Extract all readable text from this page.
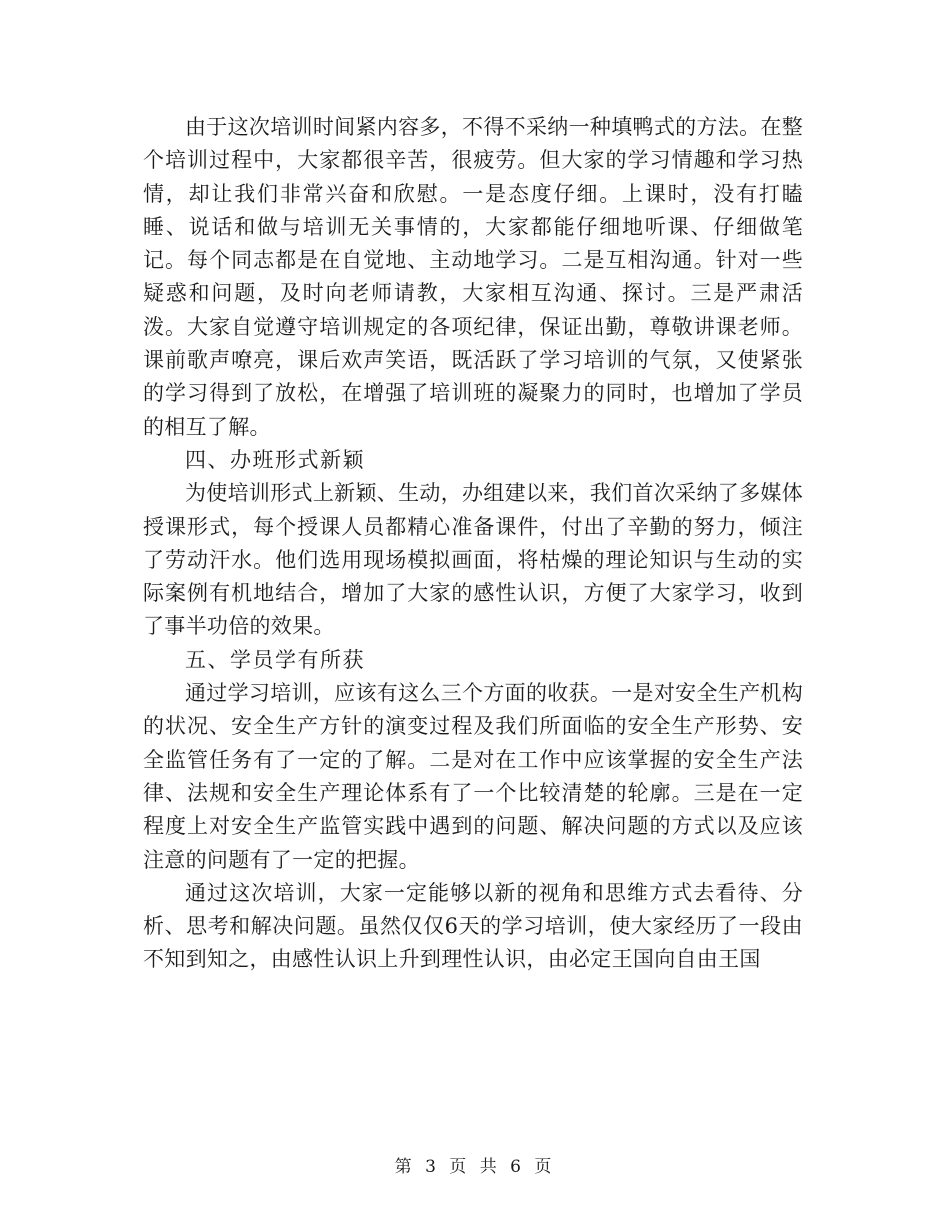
由于这次培训时间紧内容多，不得不采纳一种填鸭式的方法。在整个培训过程中，大家都很辛苦，很疲劳。但大家的学习情趣和学习热情，却让我们非常兴奋和欣慰。一是态度仔细。上课时，没有打瞌睡、说话和做与培训无关事情的，大家都能仔细地听课、仔细做笔记。每个同志都是在自觉地、主动地学习。二是互相沟通。针对一些疑惑和问题，及时向老师请教，大家相互沟通、探讨。三是严肃活泼。大家自觉遵守培训规定的各项纪律，保证出勤，尊敬讲课老师。课前歌声嘹亮，课后欢声笑语，既活跃了学习培训的气氛，又使紧张的学习得到了放松，在增强了培训班的凝聚力的同时，也增加了学员的相互了解。

四、办班形式新颖

为使培训形式上新颖、生动，办组建以来，我们首次采纳了多媒体授课形式，每个授课人员都精心准备课件，付出了辛勤的努力，倾注了劳动汗水。他们选用现场模拟画面，将枯燥的理论知识与生动的实际案例有机地结合，增加了大家的感性认识，方便了大家学习，收到了事半功倍的效果。

五、学员学有所获

通过学习培训，应该有这么三个方面的收获。一是对安全生产机构的状况、安全生产方针的演变过程及我们所面临的安全生产形势、安全监管任务有了一定的了解。二是对在工作中应该掌握的安全生产法律、法规和安全生产理论体系有了一个比较清楚的轮廓。三是在一定程度上对安全生产监管实践中遇到的问题、解决问题的方式以及应该注意的问题有了一定的把握。

通过这次培训，大家一定能够以新的视角和思维方式去看待、分析、思考和解决问题。虽然仅仅6天的学习培训，使大家经历了一段由不知到知之，由感性认识上升到理性认识，由必定王国向自由王国

第 3 页 共 6 页
